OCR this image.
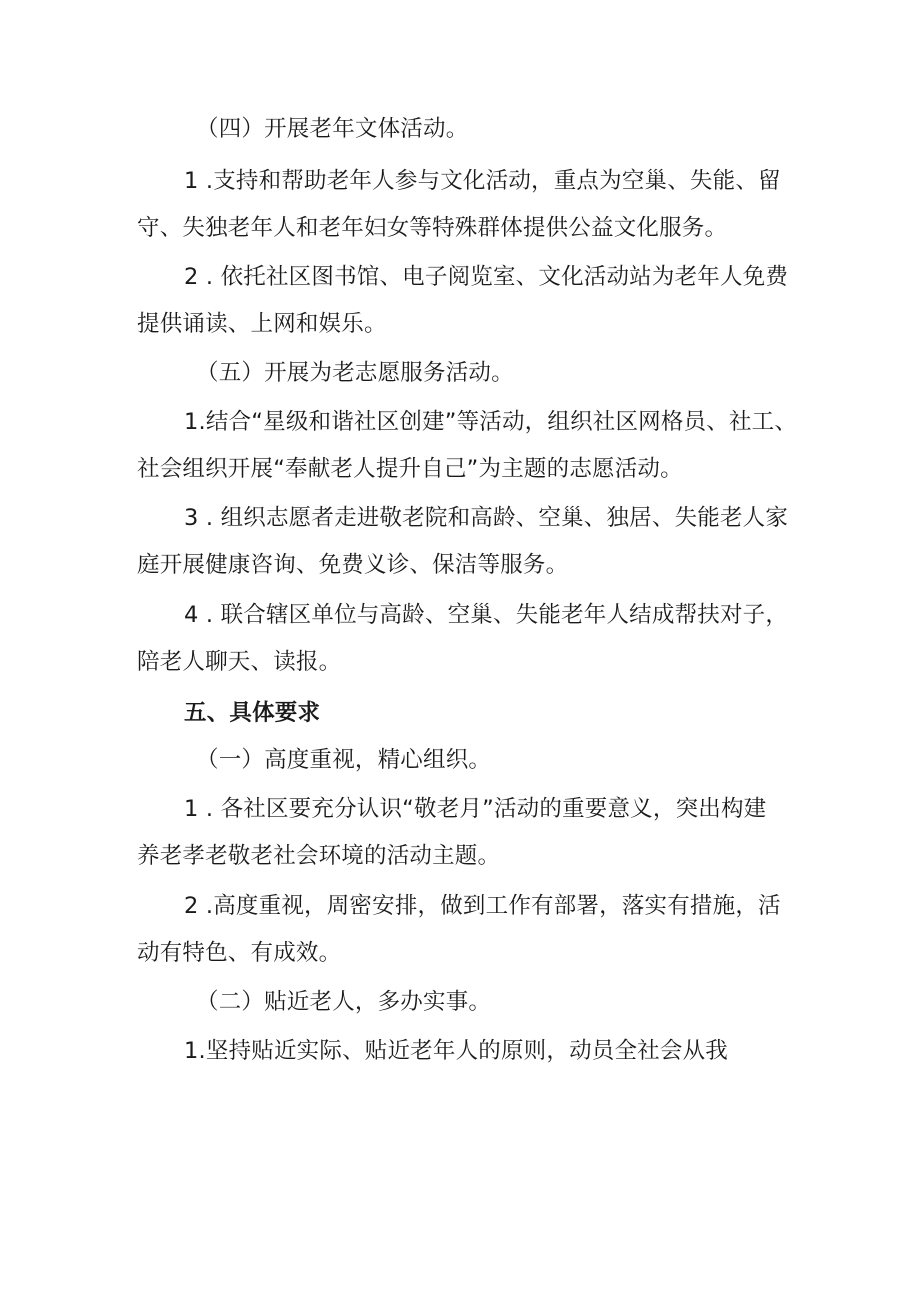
（四）开展老年文体活动。
1 .支持和帮助老年人参与文化活动，重点为空巢、失能、留
守、失独老年人和老年妇女等特殊群体提供公益文化服务。
2 . 依托社区图书馆、电子阅览室、文化活动站为老年人免费
提供诵读、上网和娱乐。
（五）开展为老志愿服务活动。
1.结合“星级和谐社区创建”等活动，组织社区网格员、社工、
社会组织开展“奉献老人提升自己”为主题的志愿活动。
3 . 组织志愿者走进敬老院和高龄、空巢、独居、失能老人家
庭开展健康咨询、免费义诊、保洁等服务。
4 . 联合辖区单位与高龄、空巢、失能老年人结成帮扶对子，
陪老人聊天、读报。
五、具体要求
（一）高度重视，精心组织。
1 . 各社区要充分认识“敬老月”活动的重要意义，突出构建
养老孝老敬老社会环境的活动主题。
2 .高度重视，周密安排，做到工作有部署，落实有措施，活
动有特色、有成效。
（二）贴近老人，多办实事。
1.坚持贴近实际、贴近老年人的原则，动员全社会从我
